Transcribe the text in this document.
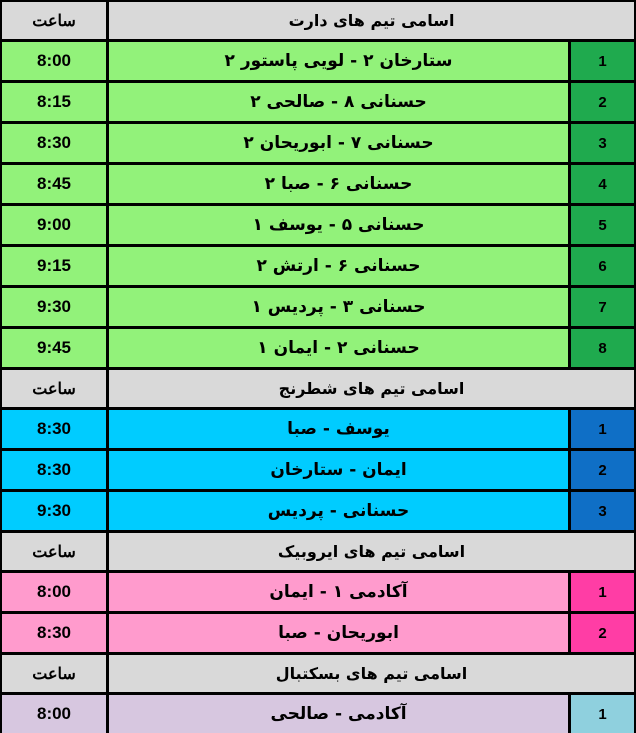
ساعت	اسامی تیم های دارت
8:00	ستارخان ۲ - لویی پاستور ۲	1
8:15	حسنانی ۸ - صالحی ۲	2
8:30	حسنانی ۷ - ابوریحان ۲	3
8:45	حسنانی ۶ - صبا ۲	4
9:00	حسنانی ۵ - یوسف ۱	5
9:15	حسنانی ۶ - ارتش ۲	6
9:30	حسنانی ۳ - پردیس ۱	7
9:45	حسنانی ۲ - ایمان ۱	8
ساعت	اسامی تیم های شطرنج
8:30	یوسف - صبا	1
8:30	ایمان - ستارخان	2
9:30	حسنانی - پردیس	3
ساعت	اسامی تیم های ایروبیک
8:00	آکادمی ۱ - ایمان	1
8:30	ابوریحان - صبا	2
ساعت	اسامی تیم های بسکتبال
8:00	آکادمی - صالحی	1
